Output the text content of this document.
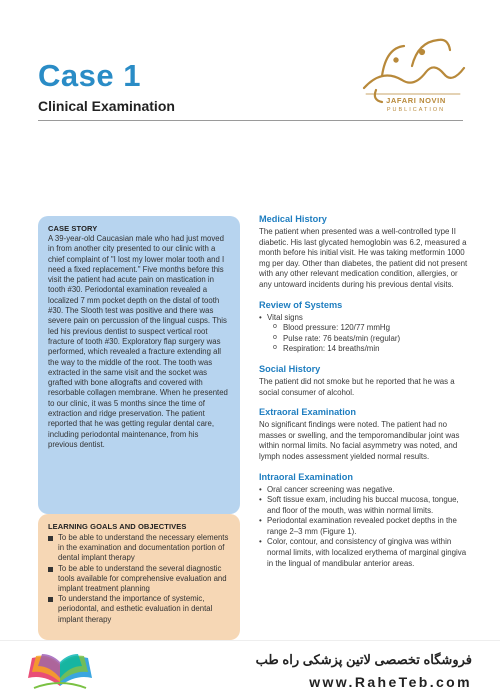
Case 1
Clinical Examination	JAFARI NOVIN
PUBLICATION
CASE STORY
A 39-year-old Caucasian male who had just moved in from another city presented to our clinic with a chief complaint of "I lost my lower molar tooth and I need a fixed replacement." Five months before this visit the patient had acute pain on mastication in tooth #30. Periodontal examination revealed a localized 7 mm pocket depth on the distal of tooth #30. The Slooth test was positive and there was severe pain on percussion of the lingual cusps. This led his previous dentist to suspect vertical root fracture of tooth #30. Exploratory flap surgery was performed, which revealed a fracture extending all the way to the middle of the root. The tooth was extracted in the same visit and the socket was grafted with bone allografts and covered with resorbable collagen membrane. When he presented to our clinic, it was 5 months since the time of extraction and ridge preservation. The patient reported that he was getting regular dental care, including periodontal maintenance, from his previous dentist.
LEARNING GOALS AND OBJECTIVES
To be able to understand the necessary elements in the examination and documentation portion of dental implant therapy
To be able to understand the several diagnostic tools available for comprehensive evaluation and implant treatment planning
To understand the importance of systemic, periodontal, and esthetic evaluation in dental implant therapy
Medical History
The patient when presented was a well-controlled type II diabetic. His last glycated hemoglobin was 6.2, measured a month before his initial visit. He was taking metformin 1000 mg per day. Other than diabetes, the patient did not present with any other relevant medication condition, allergies, or any untoward incidents during his previous dental visits.
Review of Systems
• Vital signs
o Blood pressure: 120/77 mmHg
o Pulse rate: 76 beats/min (regular)
o Respiration: 14 breaths/min
Social History
The patient did not smoke but he reported that he was a social consumer of alcohol.
Extraoral Examination
No significant findings were noted. The patient had no masses or swelling, and the temporomandibular joint was within normal limits. No facial asymmetry was noted, and lymph nodes assessment yielded normal results.
Intraoral Examination
• Oral cancer screening was negative.
• Soft tissue exam, including his buccal mucosa, tongue, and floor of the mouth, was within normal limits.
• Periodontal examination revealed pocket depths in the range 2–3 mm (Figure 1).
• Color, contour, and consistency of gingiva was within normal limits, with localized erythema of marginal gingiva in the lingual of mandibular anterior areas.
فروشگاه تخصصی لاتین پزشکی راه طب
www.RaheTeb.com
